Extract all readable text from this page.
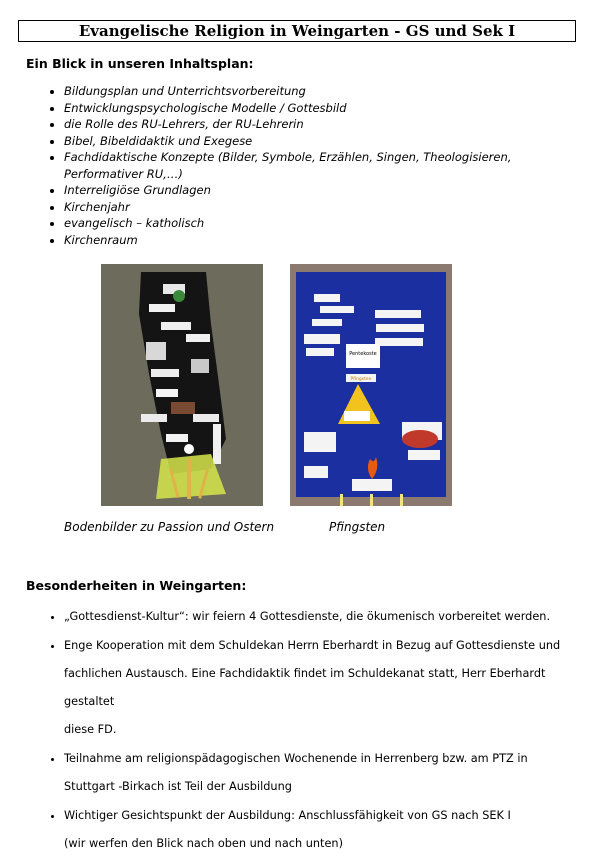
Evangelische Religion in Weingarten - GS und Sek I
Ein Blick in unseren Inhaltsplan:
• Bildungsplan und Unterrichtsvorbereitung
• Entwicklungspsychologische Modelle / Gottesbild
• die Rolle des RU-Lehrers, der RU-Lehrerin
• Bibel, Bibeldidaktik und Exegese
• Fachdidaktische Konzepte (Bilder, Symbole, Erzählen, Singen, Theologisieren, Performativer RU,…)
• Interreligiöse Grundlagen
• Kirchenjahr
• evangelisch – katholisch
• Kirchenraum
Pentekoste
Pfingsten
Bodenbilder zu Passion und Ostern	Pfingsten
Besonderheiten in Weingarten:
• „Gottesdienst-Kultur“: wir feiern 4 Gottesdienste, die ökumenisch vorbereitet werden.
• Enge Kooperation mit dem Schuldekan Herrn Eberhardt in Bezug auf Gottesdienste und
fachlichen Austausch. Eine Fachdidaktik findet im Schuldekanat statt, Herr Eberhardt gestaltet
diese FD.
• Teilnahme am religionspädagogischen Wochenende in Herrenberg bzw. am PTZ in
Stuttgart -Birkach ist Teil der Ausbildung
• Wichtiger Gesichtspunkt der Ausbildung: Anschlussfähigkeit von GS nach SEK I
(wir werfen den Blick nach oben und nach unten)
